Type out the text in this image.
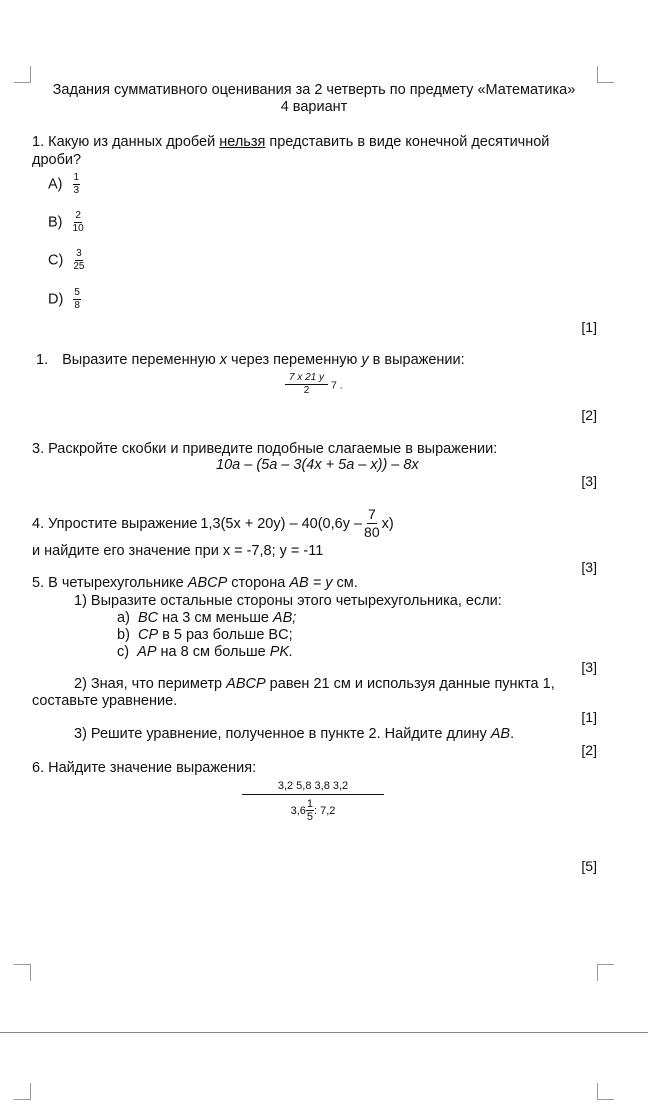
Задания суммативного оценивания за 2 четверть по предмету «Математика»
4 вариант
1. Какую из данных дробей нельзя представить в виде конечной десятичной
дроби?
$A) \frac{1}{3}$
$B) \frac{2}{10}$
$C) \frac{3}{25}$
$D) \frac{5}{8}$
[1]
1. Выразите переменную x через переменную y в выражении:
$\frac{7 x 21 y}{2} 7$ .
[2]
3. Раскройте скобки и приведите подобные слагаемые в выражении:
10a – (5a – 3(4x + 5a – x)) – 8x
[3]
4. Упростите выражение $1,3(5x + 20y) - 40(0,6y - \frac{7}{80} x)$
и найдите его значение при x = -7,8; y = -11
[3]
5. В четырехугольнике ABCP сторона AB = y см.
1) Выразите остальные стороны этого четырехугольника, если:
a) BC на 3 см меньше AB;
b) CP в 5 раз больше BC;
c) AP на 8 см больше PK.
[3]
2) Зная, что периметр ABCP равен 21 см и используя данные пункта 1,
составьте уравнение.
[1]
3) Решите уравнение, полученное в пункте 2. Найдите длину AB.
[2]
6. Найдите значение выражения:
$\frac{3,2 5,8 3,8 3,2}{3,6 \frac{1}{5} : 7,2}$
[5]
